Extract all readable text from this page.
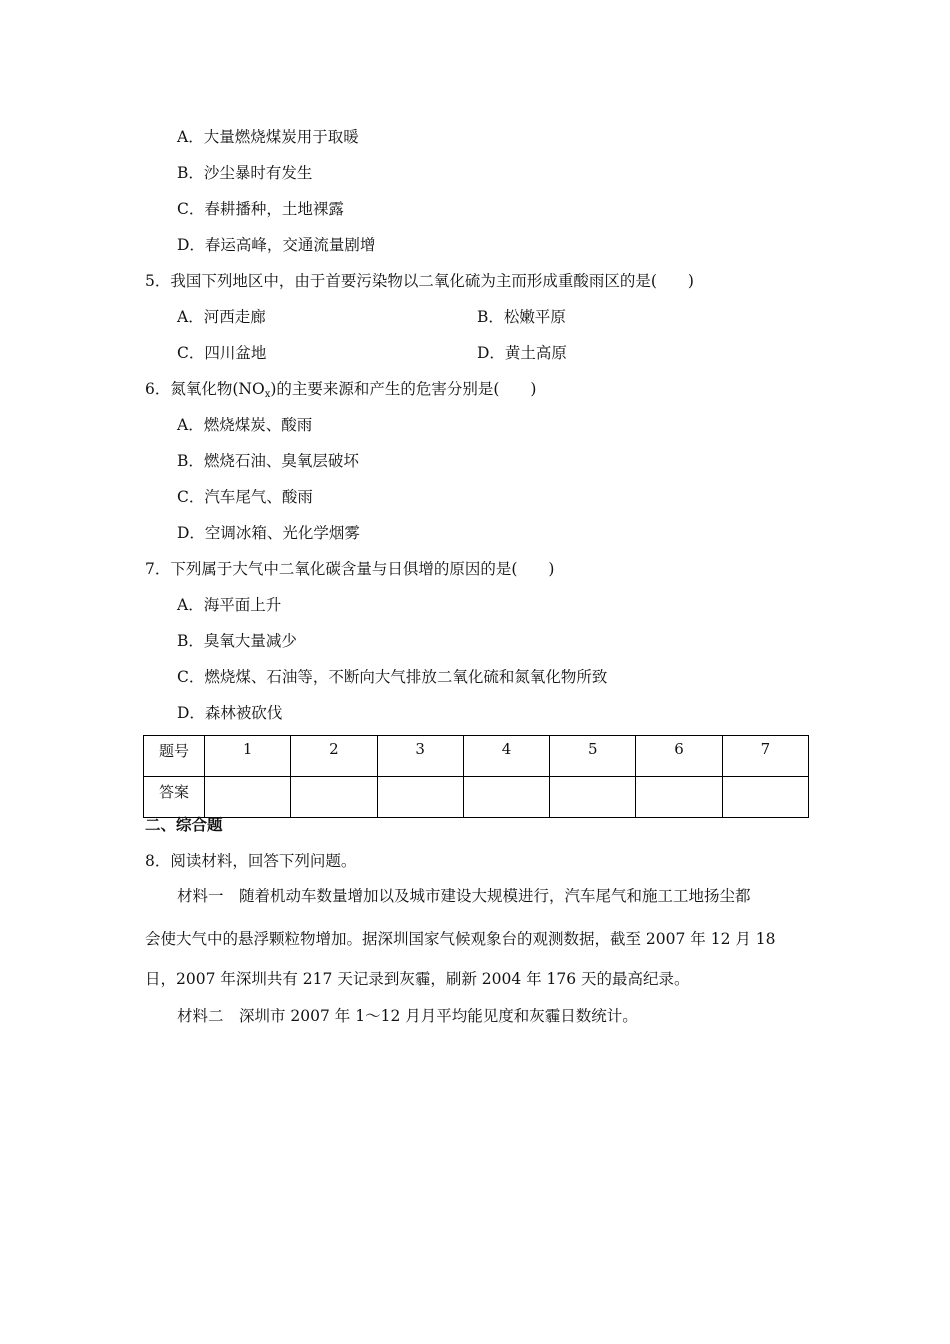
A．大量燃烧煤炭用于取暖
B．沙尘暴时有发生
C．春耕播种，土地裸露
D．春运高峰，交通流量剧增
5．我国下列地区中，由于首要污染物以二氧化硫为主而形成重酸雨区的是(　　)
A．河西走廊	B．松嫩平原
C．四川盆地	D．黄土高原
6．氮氧化物$(NO_x)$的主要来源和产生的危害分别是(　　)
A．燃烧煤炭、酸雨
B．燃烧石油、臭氧层破坏
C．汽车尾气、酸雨
D．空调冰箱、光化学烟雾
7．下列属于大气中二氧化碳含量与日俱增的原因的是(　　)
A．海平面上升
B．臭氧大量减少
C．燃烧煤、石油等，不断向大气排放二氧化硫和氮氧化物所致
D．森林被砍伐
题号	1	2	3	4	5	6	7
答案							
二、综合题
8．阅读材料，回答下列问题。
材料一　随着机动车数量增加以及城市建设大规模进行，汽车尾气和施工工地扬尘都
会使大气中的悬浮颗粒物增加。据深圳国家气候观象台的观测数据，截至 2007 年 12 月 18
日，2007 年深圳共有 217 天记录到灰霾，刷新 2004 年 176 天的最高纪录。
材料二　深圳市 2007 年 1～12 月月平均能见度和灰霾日数统计。
